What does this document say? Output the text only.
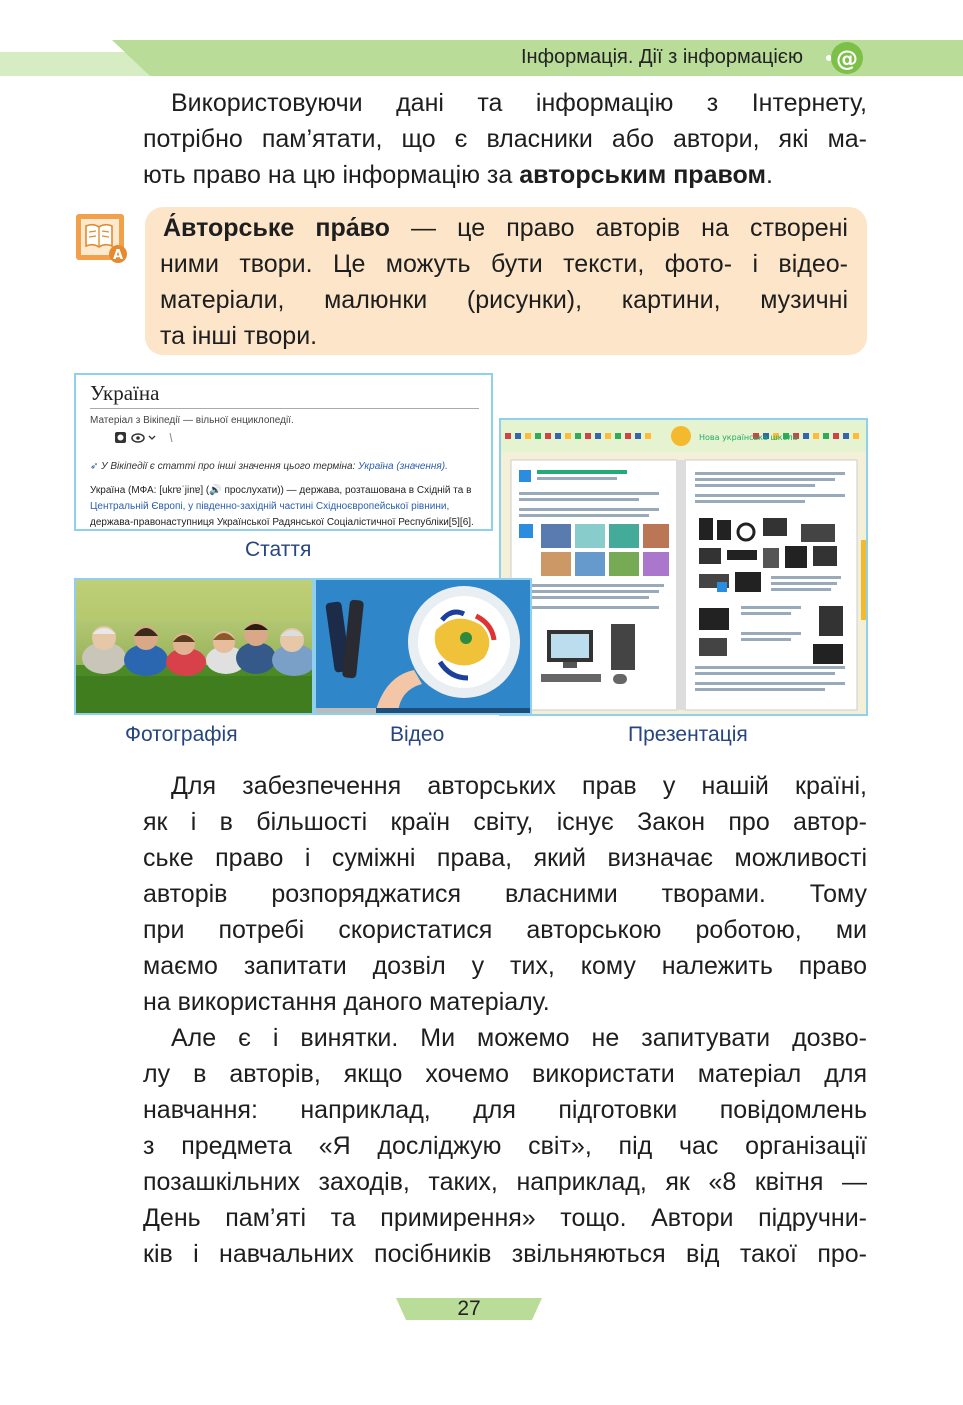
Інформація. Дії з інформацією @
Використовуючи дані та інформацію з Інтернету,
потрібно пам’ятати, що є власники або автори, які ма-
ють право на цю інформацію за авторським правом.
A
А́вторське пра́во — це право авторів на створені
ними твори. Це можуть бути тексти, фото- і відео-
матеріали, малюнки (рисунки), картини, музичні
та інші твори.
Україна
Матеріал з Вікіпедії — вільної енциклопедії.
➶ У Вікіпедії є статті про інші значення цього терміна: Україна (значення).
Україна (МФА: [ukrɐˈjinɐ] (🔊 прослухати)) — держава, розташована в Східній та в
Центральній Європі, у південно-західній частині Східноєвропейської рівнини,
держава-правонаступниця Української Радянської Соціалістичної Республіки[5][6].
Стаття
Нова українська школа
Фотографія	Відео	Презентація
Для забезпечення авторських прав у нашій країні,
як і в більшості країн світу, існує Закон про автор-
ське право і суміжні права, який визначає можливості
авторів розпоряджатися власними творами. Тому
при потребі скористатися авторською роботою, ми
маємо запитати дозвіл у тих, кому належить право
на використання даного матеріалу.
Але є і винятки. Ми можемо не запитувати дозво-
лу в авторів, якщо хочемо використати матеріал для
навчання: наприклад, для підготовки повідомлень
з предмета «Я досліджую світ», під час організації
позашкільних заходів, таких, наприклад, як «8 квітня —
День пам’яті та примирення» тощо. Автори підручни-
ків і навчальних посібників звільняються від такої про-
27
